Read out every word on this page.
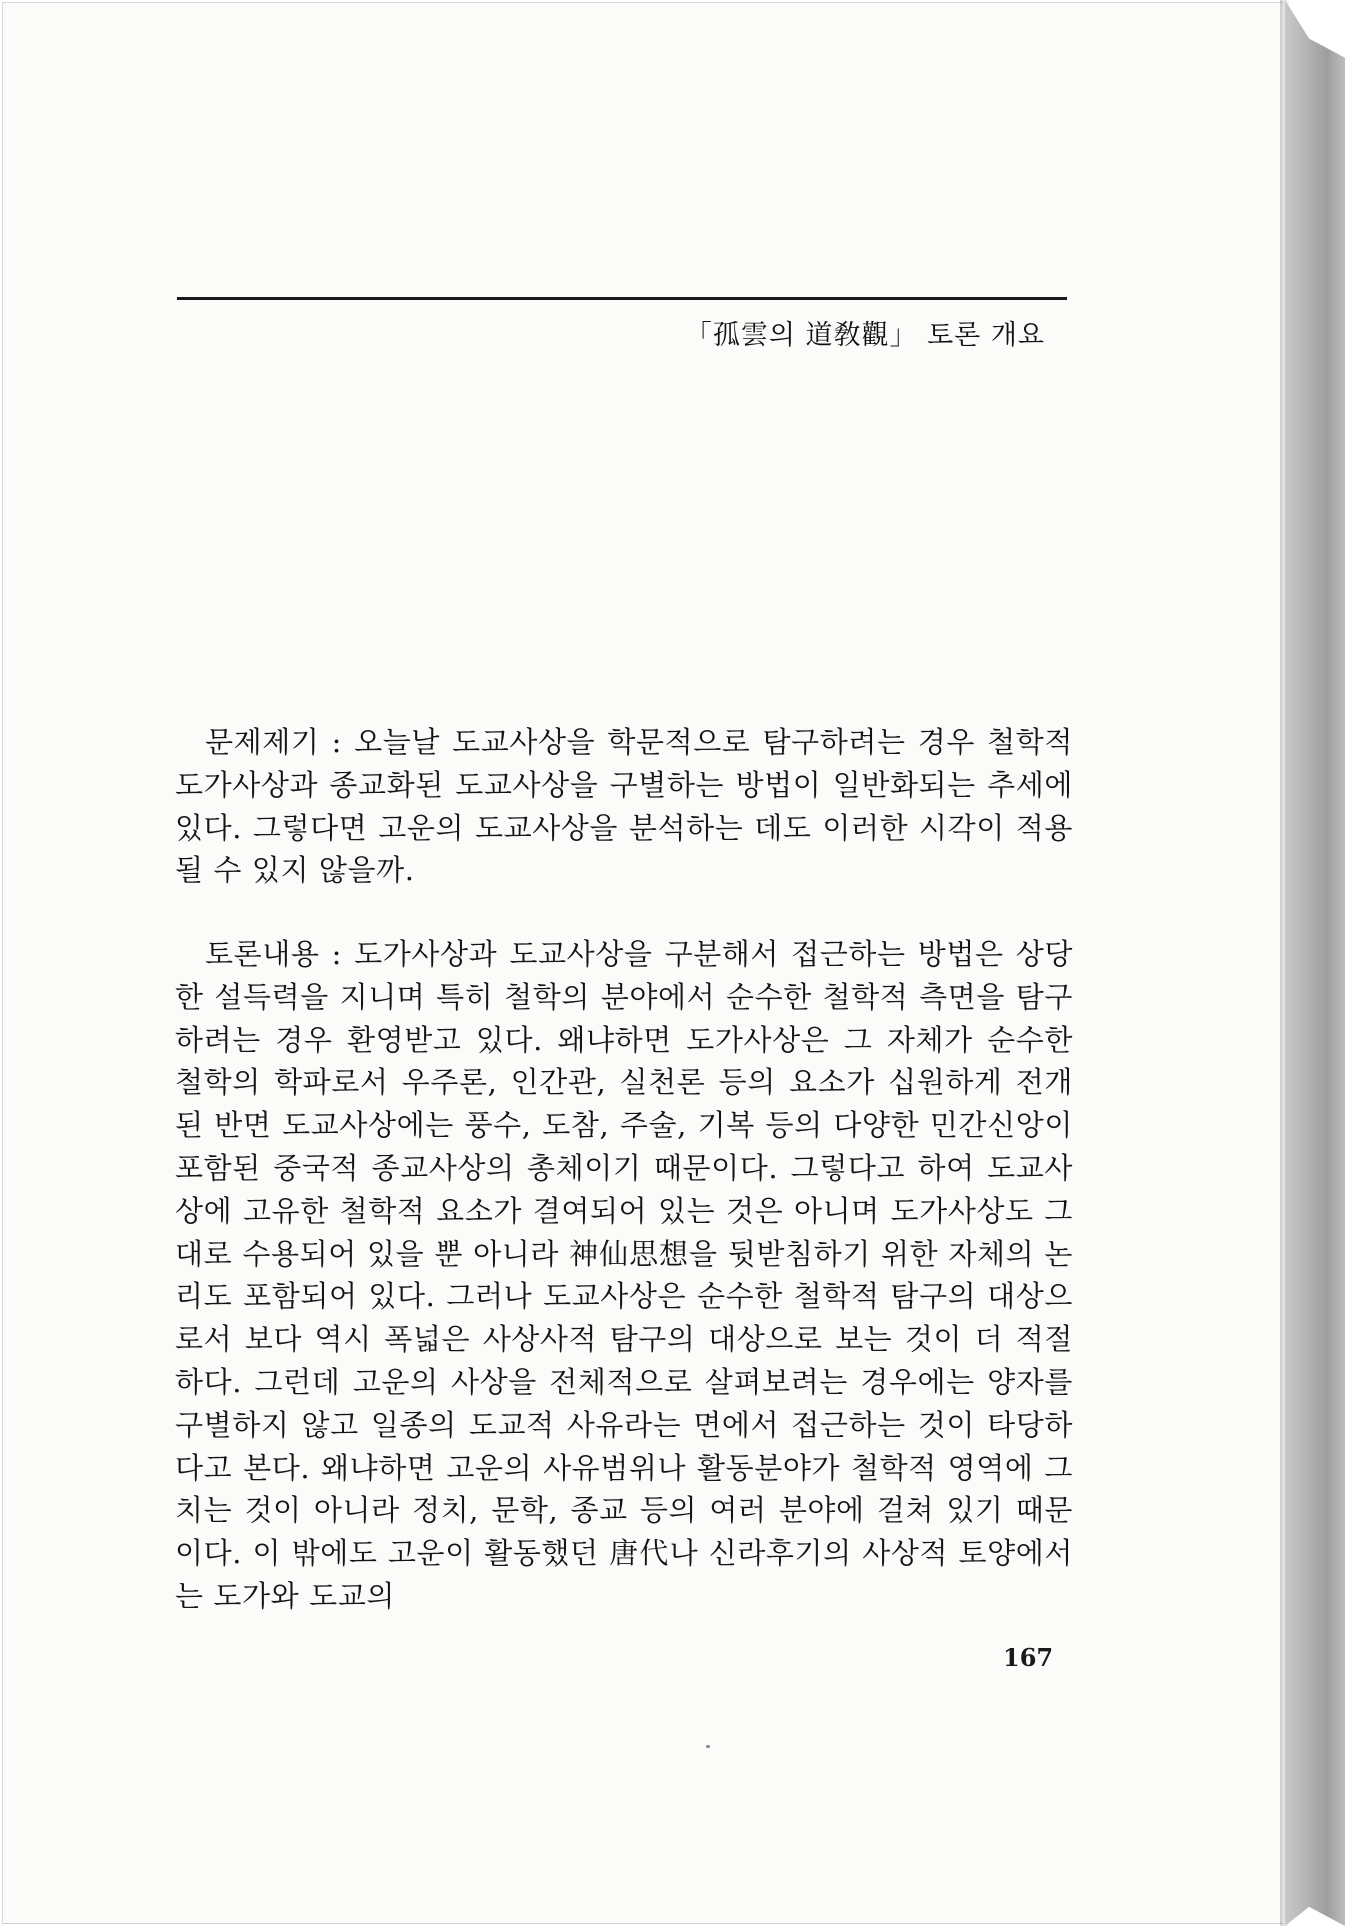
「孤雲의 道敎觀」 토론 개요
문제제기 : 오늘날 도교사상을 학문적으로 탐구하려는 경우 철학적 도가사상과 종교화된 도교사상을 구별하는 방법이 일반화되는 추세에 있다. 그렇다면 고운의 도교사상을 분석하는 데도 이러한 시각이 적용될 수 있지 않을까.
토론내용 : 도가사상과 도교사상을 구분해서 접근하는 방법은 상당한 설득력을 지니며 특히 철학의 분야에서 순수한 철학적 측면을 탐구하려는 경우 환영받고 있다. 왜냐하면 도가사상은 그 자체가 순수한 철학의 학파로서 우주론, 인간관, 실천론 등의 요소가 십원하게 전개된 반면 도교사상에는 풍수, 도참, 주술, 기복 등의 다양한 민간신앙이 포함된 중국적 종교사상의 총체이기 때문이다. 그렇다고 하여 도교사상에 고유한 철학적 요소가 결여되어 있는 것은 아니며 도가사상도 그대로 수용되어 있을 뿐 아니라 神仙思想을 뒷받침하기 위한 자체의 논리도 포함되어 있다. 그러나 도교사상은 순수한 철학적 탐구의 대상으로서 보다 역시 폭넓은 사상사적 탐구의 대상으로 보는 것이 더 적절하다. 그런데 고운의 사상을 전체적으로 살펴보려는 경우에는 양자를 구별하지 않고 일종의 도교적 사유라는 면에서 접근하는 것이 타당하다고 본다. 왜냐하면 고운의 사유범위나 활동분야가 철학적 영역에 그치는 것이 아니라 정치, 문학, 종교 등의 여러 분야에 걸쳐 있기 때문이다. 이 밖에도 고운이 활동했던 唐代나 신라후기의 사상적 토양에서는 도가와 도교의
167
